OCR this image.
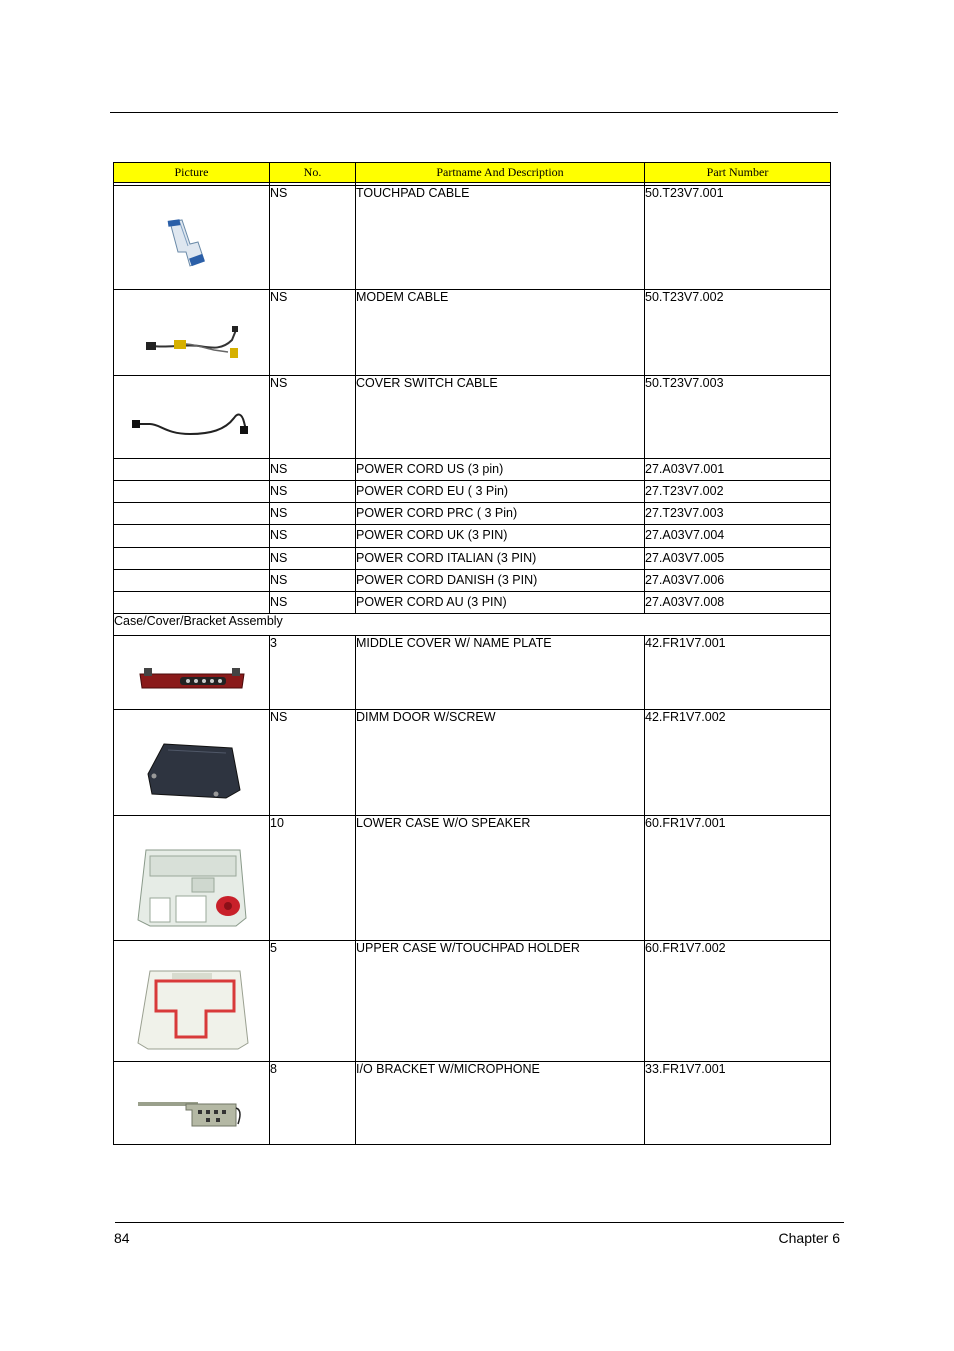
Picture	No.	Partname And Description	Part Number

	NS	TOUCHPAD CABLE	50.T23V7.001

	NS	MODEM CABLE	50.T23V7.002

	NS	COVER SWITCH CABLE	50.T23V7.003
	NS	POWER CORD US (3 pin)	27.A03V7.001
	NS	POWER CORD EU ( 3 Pin)	27.T23V7.002
	NS	POWER CORD PRC ( 3 Pin)	27.T23V7.003
	NS	POWER CORD UK (3 PIN)	27.A03V7.004
	NS	POWER CORD ITALIAN (3 PIN)	27.A03V7.005
	NS	POWER CORD DANISH (3 PIN)	27.A03V7.006
	NS	POWER CORD AU (3 PIN)	27.A03V7.008
Case/Cover/Bracket Assembly			

	3	MIDDLE COVER W/ NAME PLATE	42.FR1V7.001

	NS	DIMM DOOR W/SCREW	42.FR1V7.002

	10	LOWER CASE W/O SPEAKER	60.FR1V7.001

	5	UPPER CASE W/TOUCHPAD HOLDER	60.FR1V7.002

	8	I/O BRACKET W/MICROPHONE	33.FR1V7.001
84	Chapter 6
